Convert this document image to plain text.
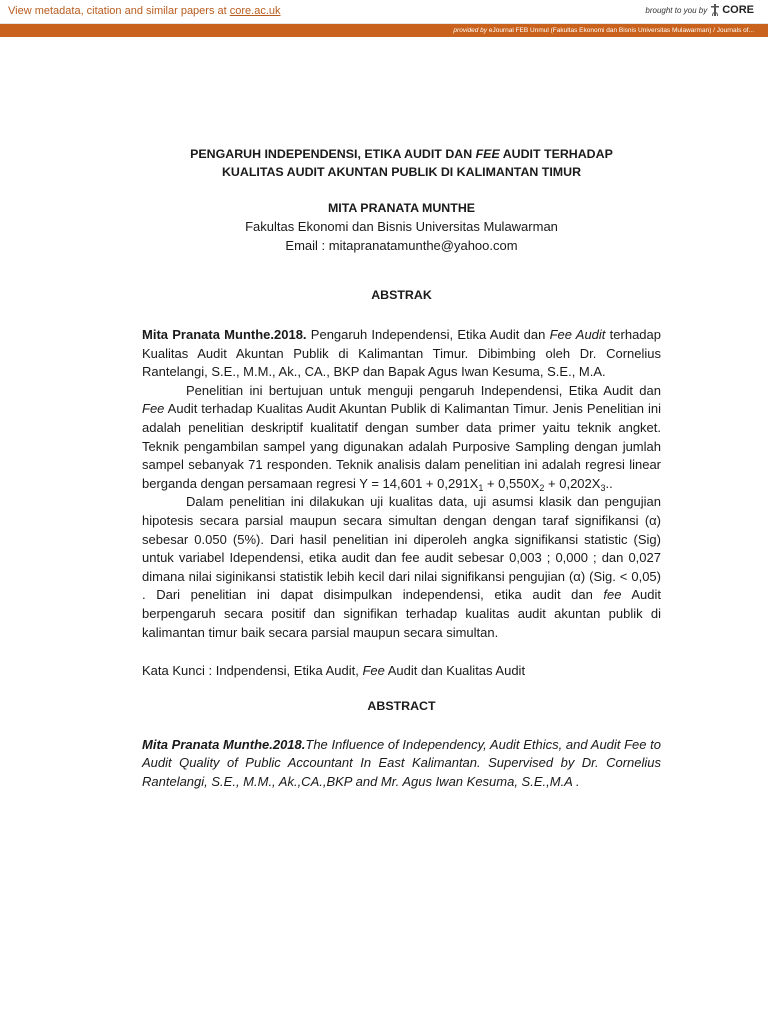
View metadata, citation and similar papers at core.ac.uk	brought to you by CORE
provided by eJournal FEB Unmul (Fakultas Ekonomi dan Bisnis Universitas Mulawarman) / Journals of...

PENGARUH INDEPENDENSI, ETIKA AUDIT DAN FEE AUDIT TERHADAP
KUALITAS AUDIT AKUNTAN PUBLIK DI KALIMANTAN TIMUR

MITA PRANATA MUNTHE

Fakultas Ekonomi dan Bisnis Universitas Mulawarman

Email : mitapranatamunthe@yahoo.com

ABSTRAK

Mita Pranata Munthe.2018. Pengaruh Independensi, Etika Audit dan Fee Audit terhadap Kualitas Audit Akuntan Publik di Kalimantan Timur. Dibimbing oleh Dr. Cornelius Rantelangi, S.E., M.M., Ak., CA., BKP dan Bapak Agus Iwan Kesuma, S.E., M.A.

Penelitian ini bertujuan untuk menguji pengaruh Independensi, Etika Audit dan Fee Audit terhadap Kualitas Audit Akuntan Publik di Kalimantan Timur. Jenis Penelitian ini adalah penelitian deskriptif kualitatif dengan sumber data primer yaitu teknik angket. Teknik pengambilan sampel yang digunakan adalah Purposive Sampling dengan jumlah sampel sebanyak 71 responden. Teknik analisis dalam penelitian ini adalah regresi linear berganda dengan persamaan regresi $Y = 14,601 + 0,291X_1 + 0,550X_2 + 0,202X_3$..

Dalam penelitian ini dilakukan uji kualitas data, uji asumsi klasik dan pengujian hipotesis secara parsial maupun secara simultan dengan dengan taraf signifikansi (α) sebesar 0.050 (5%). Dari hasil penelitian ini diperoleh angka signifikansi statistic (Sig) untuk variabel Idependensi, etika audit dan fee audit sebesar 0,003 ; 0,000 ; dan 0,027 dimana nilai siginikansi statistik lebih kecil dari nilai signifikansi pengujian (α) (Sig. < 0,05) . Dari penelitian ini dapat disimpulkan independensi, etika audit dan fee Audit berpengaruh secara positif dan signifikan terhadap kualitas audit akuntan publik di kalimantan timur baik secara parsial maupun secara simultan.

Kata Kunci : Indpendensi, Etika Audit, Fee Audit dan Kualitas Audit

ABSTRACT

Mita Pranata Munthe.2018.The Influence of Independency, Audit Ethics, and Audit Fee to Audit Quality of Public Accountant In East Kalimantan. Supervised by Dr. Cornelius Rantelangi, S.E., M.M., Ak.,CA.,BKP and Mr. Agus Iwan Kesuma, S.E.,M.A .
